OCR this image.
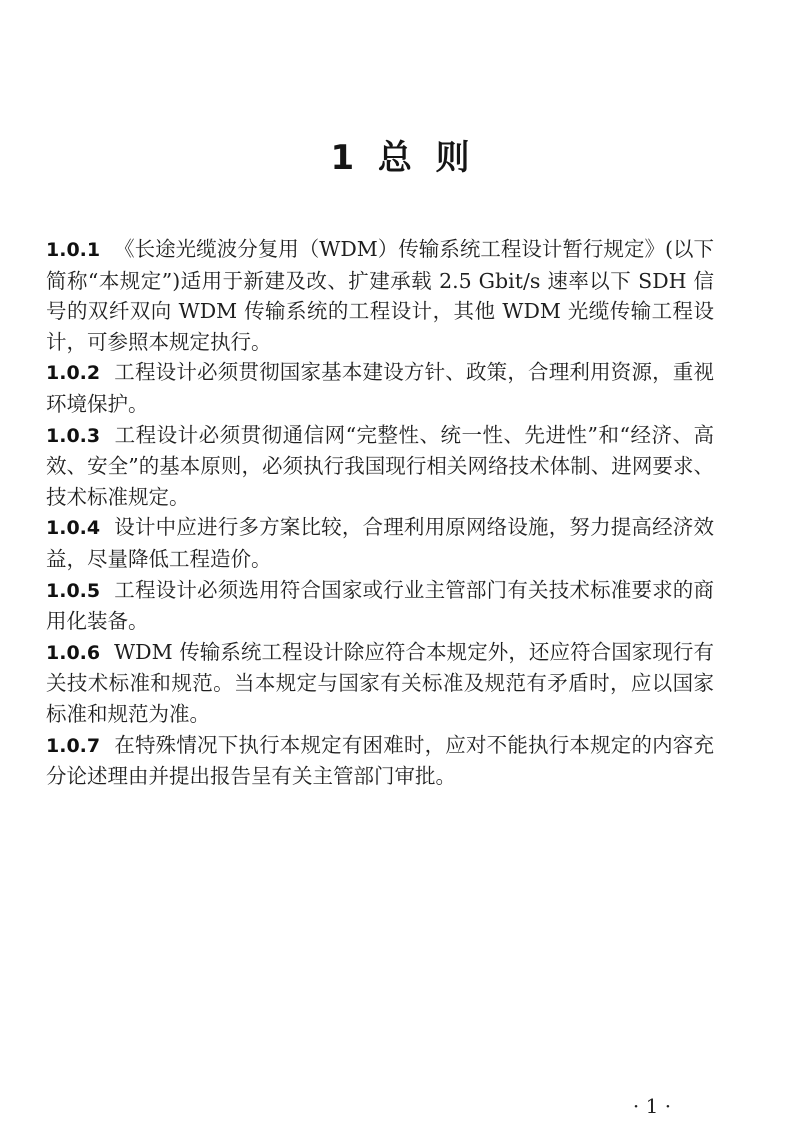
1  总  则

1.0.1 《长途光缆波分复用（WDM）传输系统工程设计暂行规定》(以下简称“本规定”)适用于新建及改、扩建承载 2.5 Gbit/s 速率以下 SDH 信号的双纤双向 WDM 传输系统的工程设计，其他 WDM 光缆传输工程设计，可参照本规定执行。

1.0.2 工程设计必须贯彻国家基本建设方针、政策，合理利用资源，重视环境保护。

1.0.3 工程设计必须贯彻通信网“完整性、统一性、先进性”和“经济、高效、安全”的基本原则，必须执行我国现行相关网络技术体制、进网要求、技术标准规定。

1.0.4 设计中应进行多方案比较，合理利用原网络设施，努力提高经济效益，尽量降低工程造价。

1.0.5 工程设计必须选用符合国家或行业主管部门有关技术标准要求的商用化装备。

1.0.6 WDM 传输系统工程设计除应符合本规定外，还应符合国家现行有关技术标准和规范。当本规定与国家有关标准及规范有矛盾时，应以国家标准和规范为准。

1.0.7 在特殊情况下执行本规定有困难时，应对不能执行本规定的内容充分论述理由并提出报告呈有关主管部门审批。

· 1 ·
